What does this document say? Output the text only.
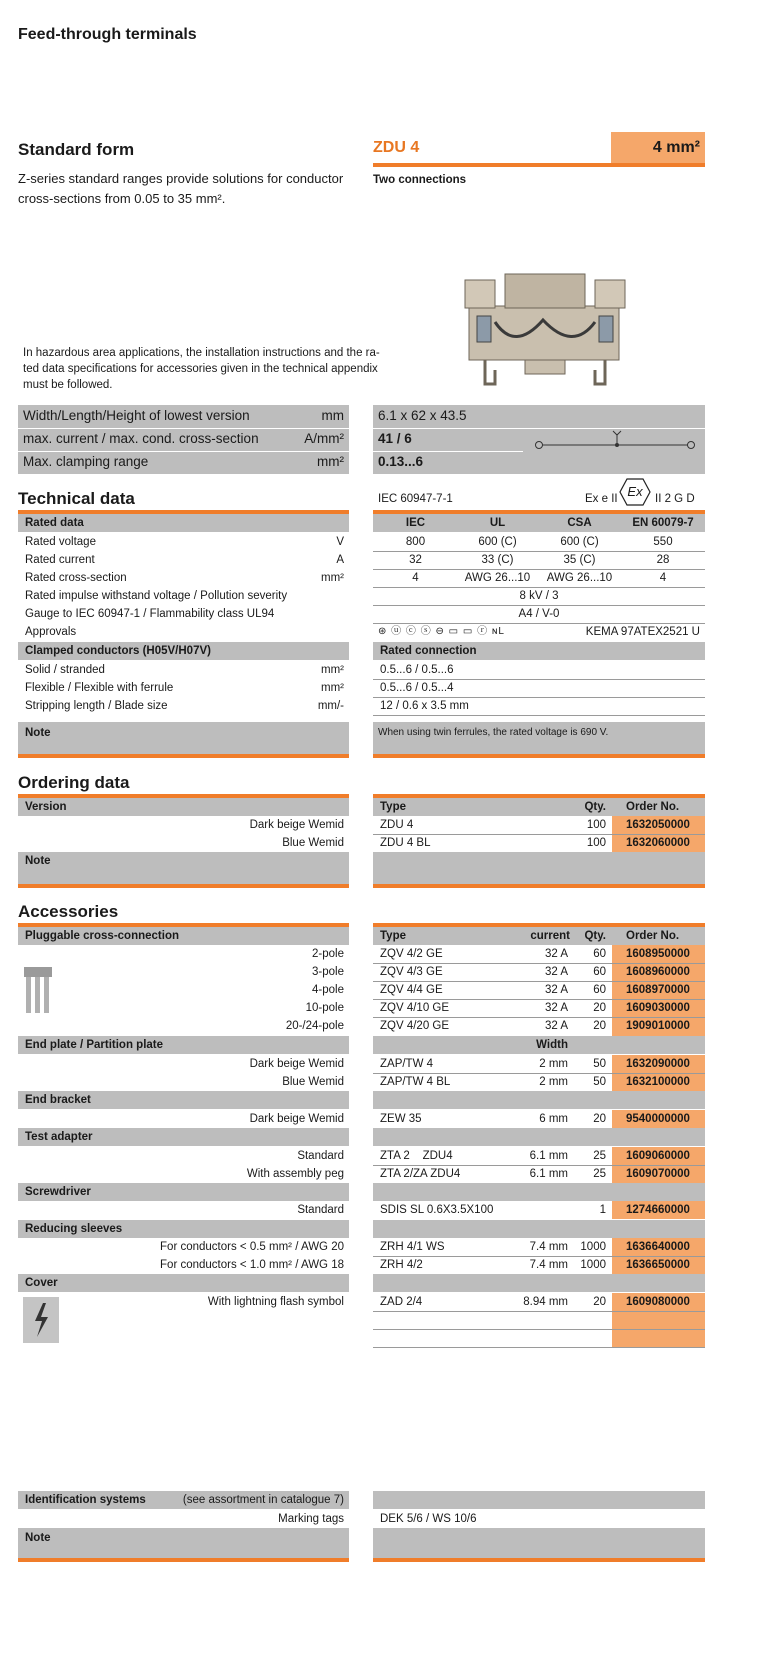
Feed-through terminals
Standard form
Z-series standard ranges provide solutions for conductor
cross-sections from 0.05 to 35 mm².
In hazardous area applications, the installation instructions and the ra-
ted data specifications for accessories given in the technical appendix
must be followed.
ZDU 4	4 mm²
Two connections
Width/Length/Height of lowest version	mm	6.1 x 62 x 43.5
max. current / max. cond. cross-section	A/mm²	41 / 6
Max. clamping range	mm²	0.13...6
Technical data	IEC 60947-7-1	Ex e II Ex	II 2 G D
Rated data	IEC	UL	CSA	EN 60079-7
Rated voltage	V	800	600 (C)	600 (C)	550
Rated current	A	32	33 (C)	35 (C)	28
Rated cross-section	mm²	4	AWG 26...10	AWG 26...10	4
Rated impulse withstand voltage / Pollution severity	8 kV / 3
Gauge to IEC 60947-1 / Flammability class UL94	A4 / V-0
Approvals	⊛ ⓤ ⓒ ⓢ ⊖ ▭ ▭ ⓡ ɴL	KEMA 97ATEX2521 U
Clamped conductors (H05V/H07V)	Rated connection
Solid / stranded	mm²	0.5...6 / 0.5...6
Flexible / Flexible with ferrule	mm²	0.5...6 / 0.5...4
Stripping length / Blade size	mm/-	12 / 0.6 x 3.5 mm
Note	When using twin ferrules, the rated voltage is 690 V.
Ordering data
Version	Type	Qty. Order No.
Dark beige Wemid	ZDU 4	100 1632050000
Blue Wemid	ZDU 4 BL	100 1632060000
Note
Accessories
Pluggable cross-connection	Type	current	Qty. Order No.
2-pole	ZQV 4/2 GE	32 A	60 1608950000
3-pole	ZQV 4/3 GE	32 A	60 1608960000
4-pole	ZQV 4/4 GE	32 A	60 1608970000
10-pole	ZQV 4/10 GE	32 A	20 1609030000
20-/24-pole	ZQV 4/20 GE	32 A	20 1909010000
End plate / Partition plate	Width
Dark beige Wemid	ZAP/TW 4	2 mm	50 1632090000
Blue Wemid	ZAP/TW 4 BL	2 mm	50 1632100000
End bracket
Dark beige Wemid	ZEW 35	6 mm	20 9540000000
Test adapter
Standard	ZTA 2    ZDU4	6.1 mm	25 1609060000
With assembly peg	ZTA 2/ZA ZDU4	6.1 mm	25 1609070000
Screwdriver
Standard	SDIS SL 0.6X3.5X100	1 1274660000
Reducing sleeves
For conductors < 0.5 mm² / AWG 20	ZRH 4/1 WS	7.4 mm	1000 1636640000
For conductors < 1.0 mm² / AWG 18	ZRH 4/2	7.4 mm	1000 1636650000
Cover
With lightning flash symbol	ZAD 2/4	8.94 mm	20 1609080000
Identification systems	(see assortment in catalogue 7)
Marking tags	DEK 5/6 / WS 10/6
Note
